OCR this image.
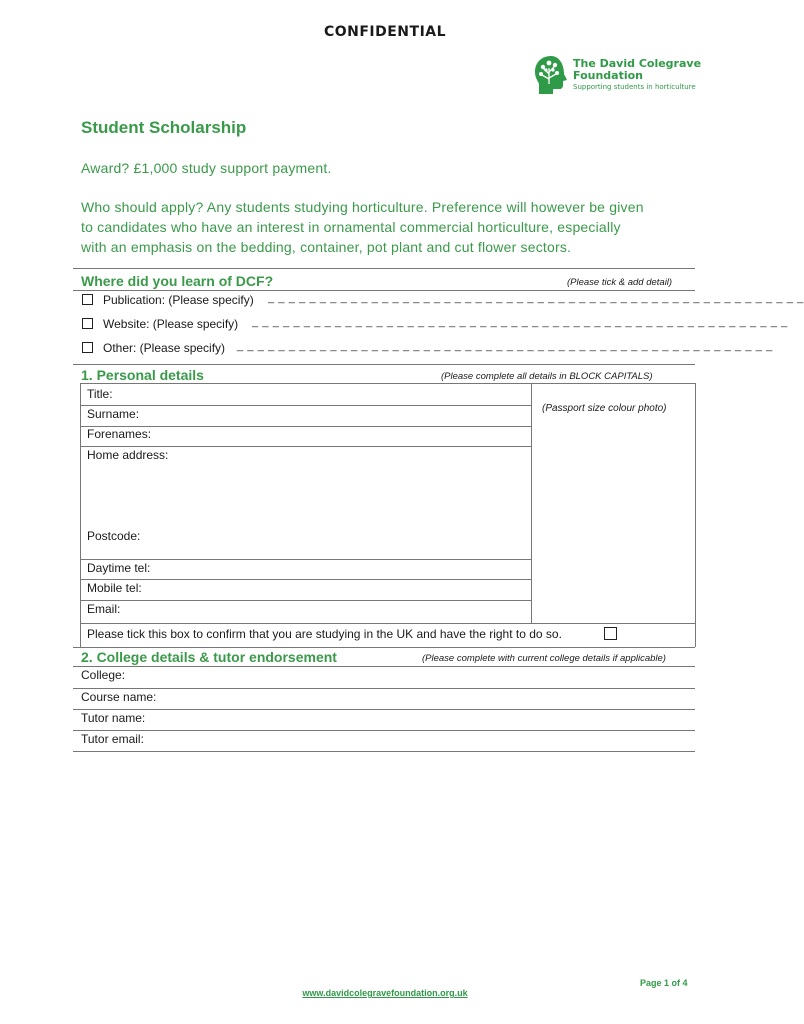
CONFIDENTIAL
The David Colegrave
Foundation
Supporting students in horticulture
Student Scholarship
Award? £1,000 study support payment.
Who should apply? Any students studying horticulture. Preference will however be given
to candidates who have an interest in ornamental commercial horticulture, especially
with an emphasis on the bedding, container, pot plant and cut flower sectors.
Where did you learn of DCF?	(Please tick & add detail)
Publication: (Please specify) _ _ _ _ _ _ _ _ _ _ _ _ _ _ _ _ _ _ _ _ _ _ _ _ _ _ _ _ _ _ _ _ _ _ _ _ _ _ _ _ _ _ _ _ _ _ _ _ _ _ _ _
Website: (Please specify) _ _ _ _ _ _ _ _ _ _ _ _ _ _ _ _ _ _ _ _ _ _ _ _ _ _ _ _ _ _ _ _ _ _ _ _ _ _ _ _ _ _ _ _ _ _ _ _ _ _ _ _
Other: (Please specify) _ _ _ _ _ _ _ _ _ _ _ _ _ _ _ _ _ _ _ _ _ _ _ _ _ _ _ _ _ _ _ _ _ _ _ _ _ _ _ _ _ _ _ _ _ _ _ _ _ _ _ _
1. Personal details	(Please complete all details in BLOCK CAPITALS)
Title:
Surname:
Forenames:
Home address:
Postcode:
Daytime tel:
Mobile tel:
Email:
(Passport size colour photo)
Please tick this box to confirm that you are studying in the UK and have the right to do so.
2. College details & tutor endorsement	(Please complete with current college details if applicable)
College:
Course name:
Tutor name:
Tutor email:
Page 1 of 4
www.davidcolegravefoundation.org.uk
